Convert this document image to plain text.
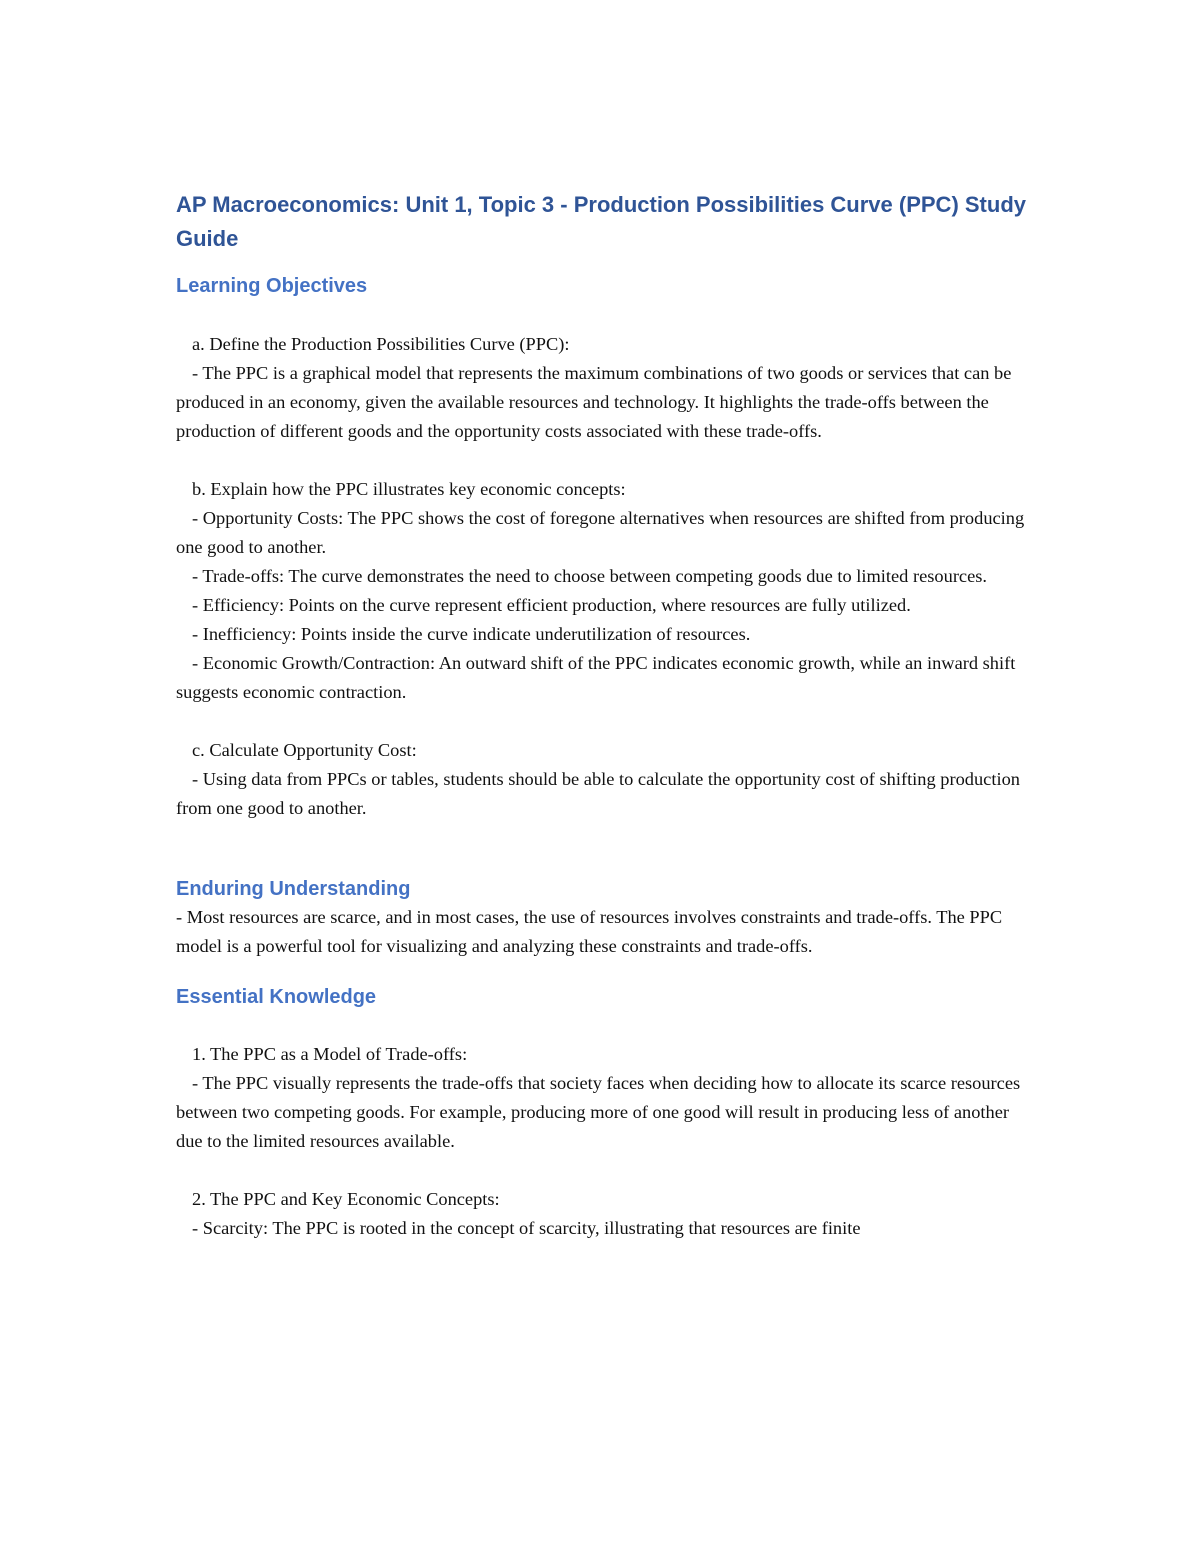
AP Macroeconomics: Unit 1, Topic 3 - Production Possibilities Curve (PPC) Study Guide
Learning Objectives
a. Define the Production Possibilities Curve (PPC):
- The PPC is a graphical model that represents the maximum combinations of two goods or services that can be produced in an economy, given the available resources and technology. It highlights the trade-offs between the production of different goods and the opportunity costs associated with these trade-offs.
b. Explain how the PPC illustrates key economic concepts:
- Opportunity Costs: The PPC shows the cost of foregone alternatives when resources are shifted from producing one good to another.
- Trade-offs: The curve demonstrates the need to choose between competing goods due to limited resources.
- Efficiency: Points on the curve represent efficient production, where resources are fully utilized.
- Inefficiency: Points inside the curve indicate underutilization of resources.
- Economic Growth/Contraction: An outward shift of the PPC indicates economic growth, while an inward shift suggests economic contraction.
c. Calculate Opportunity Cost:
- Using data from PPCs or tables, students should be able to calculate the opportunity cost of shifting production from one good to another.
Enduring Understanding
- Most resources are scarce, and in most cases, the use of resources involves constraints and trade-offs. The PPC model is a powerful tool for visualizing and analyzing these constraints and trade-offs.
Essential Knowledge
1. The PPC as a Model of Trade-offs:
- The PPC visually represents the trade-offs that society faces when deciding how to allocate its scarce resources between two competing goods. For example, producing more of one good will result in producing less of another due to the limited resources available.
2. The PPC and Key Economic Concepts:
- Scarcity: The PPC is rooted in the concept of scarcity, illustrating that resources are finite
